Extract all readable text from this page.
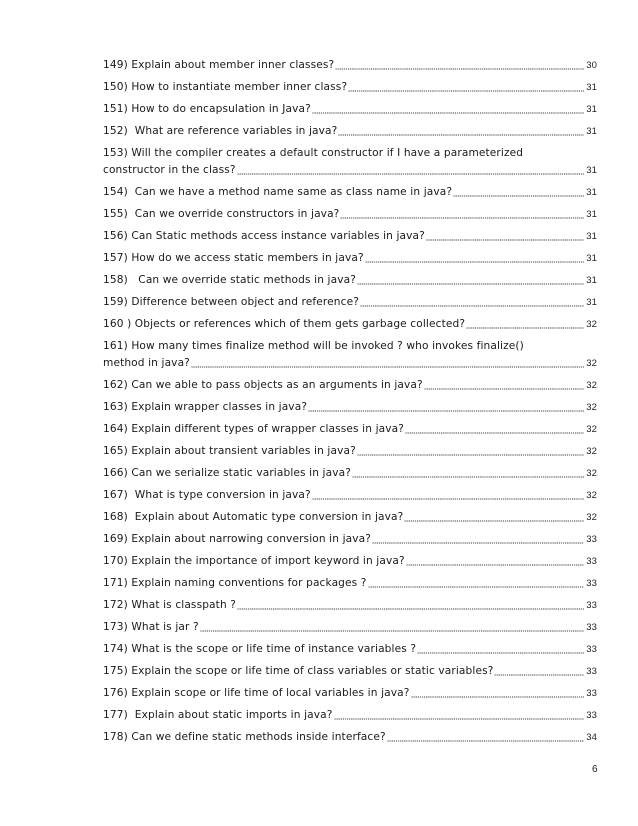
149) Explain about member inner classes?	30
150) How to instantiate member inner class?	31
151) How to do encapsulation in Java?	31
152)  What are reference variables in java?	31
153) Will the compiler creates a default constructor if I have a parameterized
constructor in the class?	31
154)  Can we have a method name same as class name in java?	31
155)  Can we override constructors in java?	31
156) Can Static methods access instance variables in java?	31
157) How do we access static members in java?	31
158)   Can we override static methods in java?	31
159) Difference between object and reference?	31
160 ) Objects or references which of them gets garbage collected?	32
161) How many times finalize method will be invoked ? who invokes finalize()
method in java?	32
162) Can we able to pass objects as an arguments in java?	32
163) Explain wrapper classes in java?	32
164) Explain different types of wrapper classes in java?	32
165) Explain about transient variables in java?	32
166) Can we serialize static variables in java?	32
167)  What is type conversion in java?	32
168)  Explain about Automatic type conversion in java?	32
169) Explain about narrowing conversion in java?	33
170) Explain the importance of import keyword in java?	33
171) Explain naming conventions for packages ?	33
172) What is classpath ?	33
173) What is jar ?	33
174) What is the scope or life time of instance variables ?	33
175) Explain the scope or life time of class variables or static variables?	33
176) Explain scope or life time of local variables in java?	33
177)  Explain about static imports in java?	33
178) Can we define static methods inside interface?	34
6
